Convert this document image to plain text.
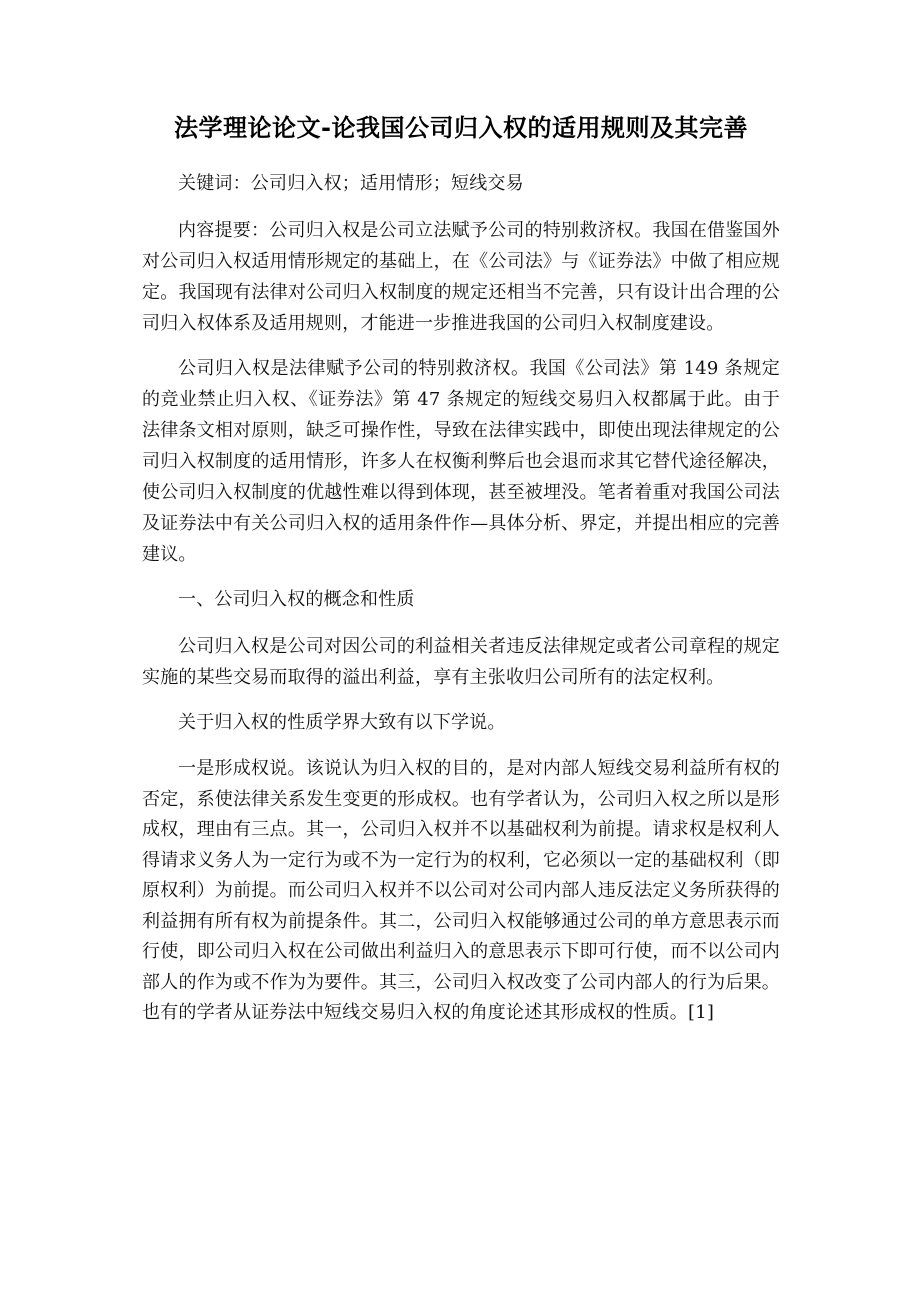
法学理论论文-论我国公司归入权的适用规则及其完善

关键词：公司归入权；适用情形；短线交易

内容提要：公司归入权是公司立法赋予公司的特别救济权。我国在借鉴国外对公司归入权适用情形规定的基础上，在《公司法》与《证券法》中做了相应规定。我国现有法律对公司归入权制度的规定还相当不完善，只有设计出合理的公司归入权体系及适用规则，才能进一步推进我国的公司归入权制度建设。

公司归入权是法律赋予公司的特别救济权。我国《公司法》第 149 条规定的竞业禁止归入权、《证券法》第 47 条规定的短线交易归入权都属于此。由于法律条文相对原则，缺乏可操作性，导致在法律实践中，即使出现法律规定的公司归入权制度的适用情形，许多人在权衡利弊后也会退而求其它替代途径解决，使公司归入权制度的优越性难以得到体现，甚至被埋没。笔者着重对我国公司法及证券法中有关公司归入权的适用条件作—具体分析、界定，并提出相应的完善建议。

一、公司归入权的概念和性质

公司归入权是公司对因公司的利益相关者违反法律规定或者公司章程的规定实施的某些交易而取得的溢出利益，享有主张收归公司所有的法定权利。

关于归入权的性质学界大致有以下学说。

一是形成权说。该说认为归入权的目的，是对内部人短线交易利益所有权的否定，系使法律关系发生变更的形成权。也有学者认为，公司归入权之所以是形成权，理由有三点。其一，公司归入权并不以基础权利为前提。请求权是权利人得请求义务人为一定行为或不为一定行为的权利，它必须以一定的基础权利（即原权利）为前提。而公司归入权并不以公司对公司内部人违反法定义务所获得的利益拥有所有权为前提条件。其二，公司归入权能够通过公司的单方意思表示而行使，即公司归入权在公司做出利益归入的意思表示下即可行使，而不以公司内部人的作为或不作为为要件。其三，公司归入权改变了公司内部人的行为后果。也有的学者从证券法中短线交易归入权的角度论述其形成权的性质。[1]
